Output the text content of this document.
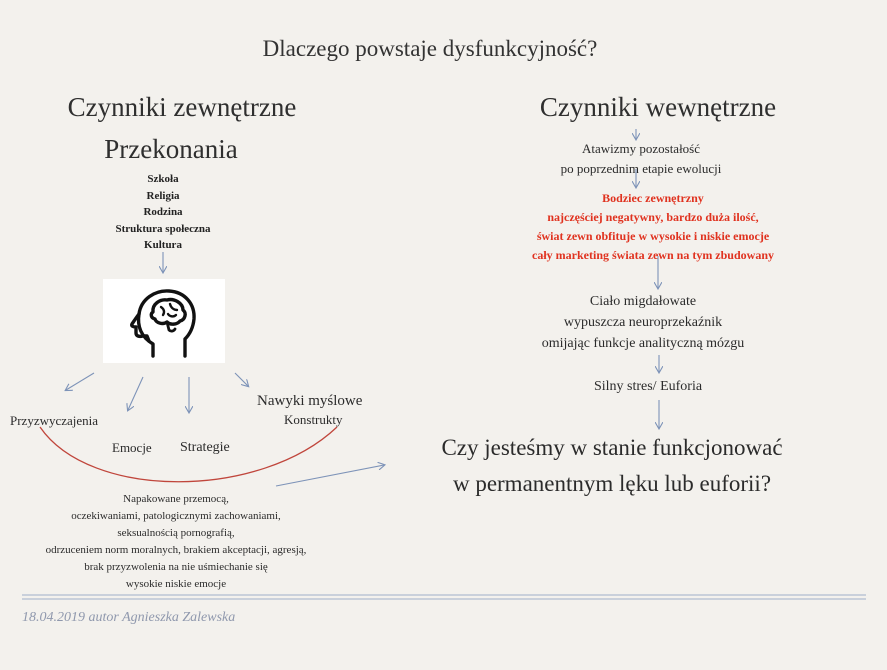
Dlaczego powstaje dysfunkcyjność?
Czynniki zewnętrzne
Przekonania
Szkoła
Religia
Rodzina
Struktura społeczna
Kultura
Przyzwyczajenia
Emocje Strategie
Nawyki myślowe
Konstrukty
Napakowane przemocą,
oczekiwaniami, patologicznymi zachowaniami,
seksualnością pornografią,
odrzuceniem norm moralnych, brakiem akceptacji, agresją,
brak przyzwolenia na nie uśmiechanie się
wysokie niskie emocje
Czynniki wewnętrzne
Atawizmy pozostałość
po poprzednim etapie ewolucji
Bodziec zewnętrzny
najczęściej negatywny, bardzo duża ilość,
świat zewn obfituje w wysokie i niskie emocje
cały marketing świata zewn na tym zbudowany
Ciało migdałowate
wypuszcza neuroprzekaźnik
omijając funkcje analityczną mózgu
Silny stres/ Euforia
Czy jesteśmy w stanie funkcjonować
w permanentnym lęku lub euforii?
18.04.2019 autor Agnieszka Zalewska
